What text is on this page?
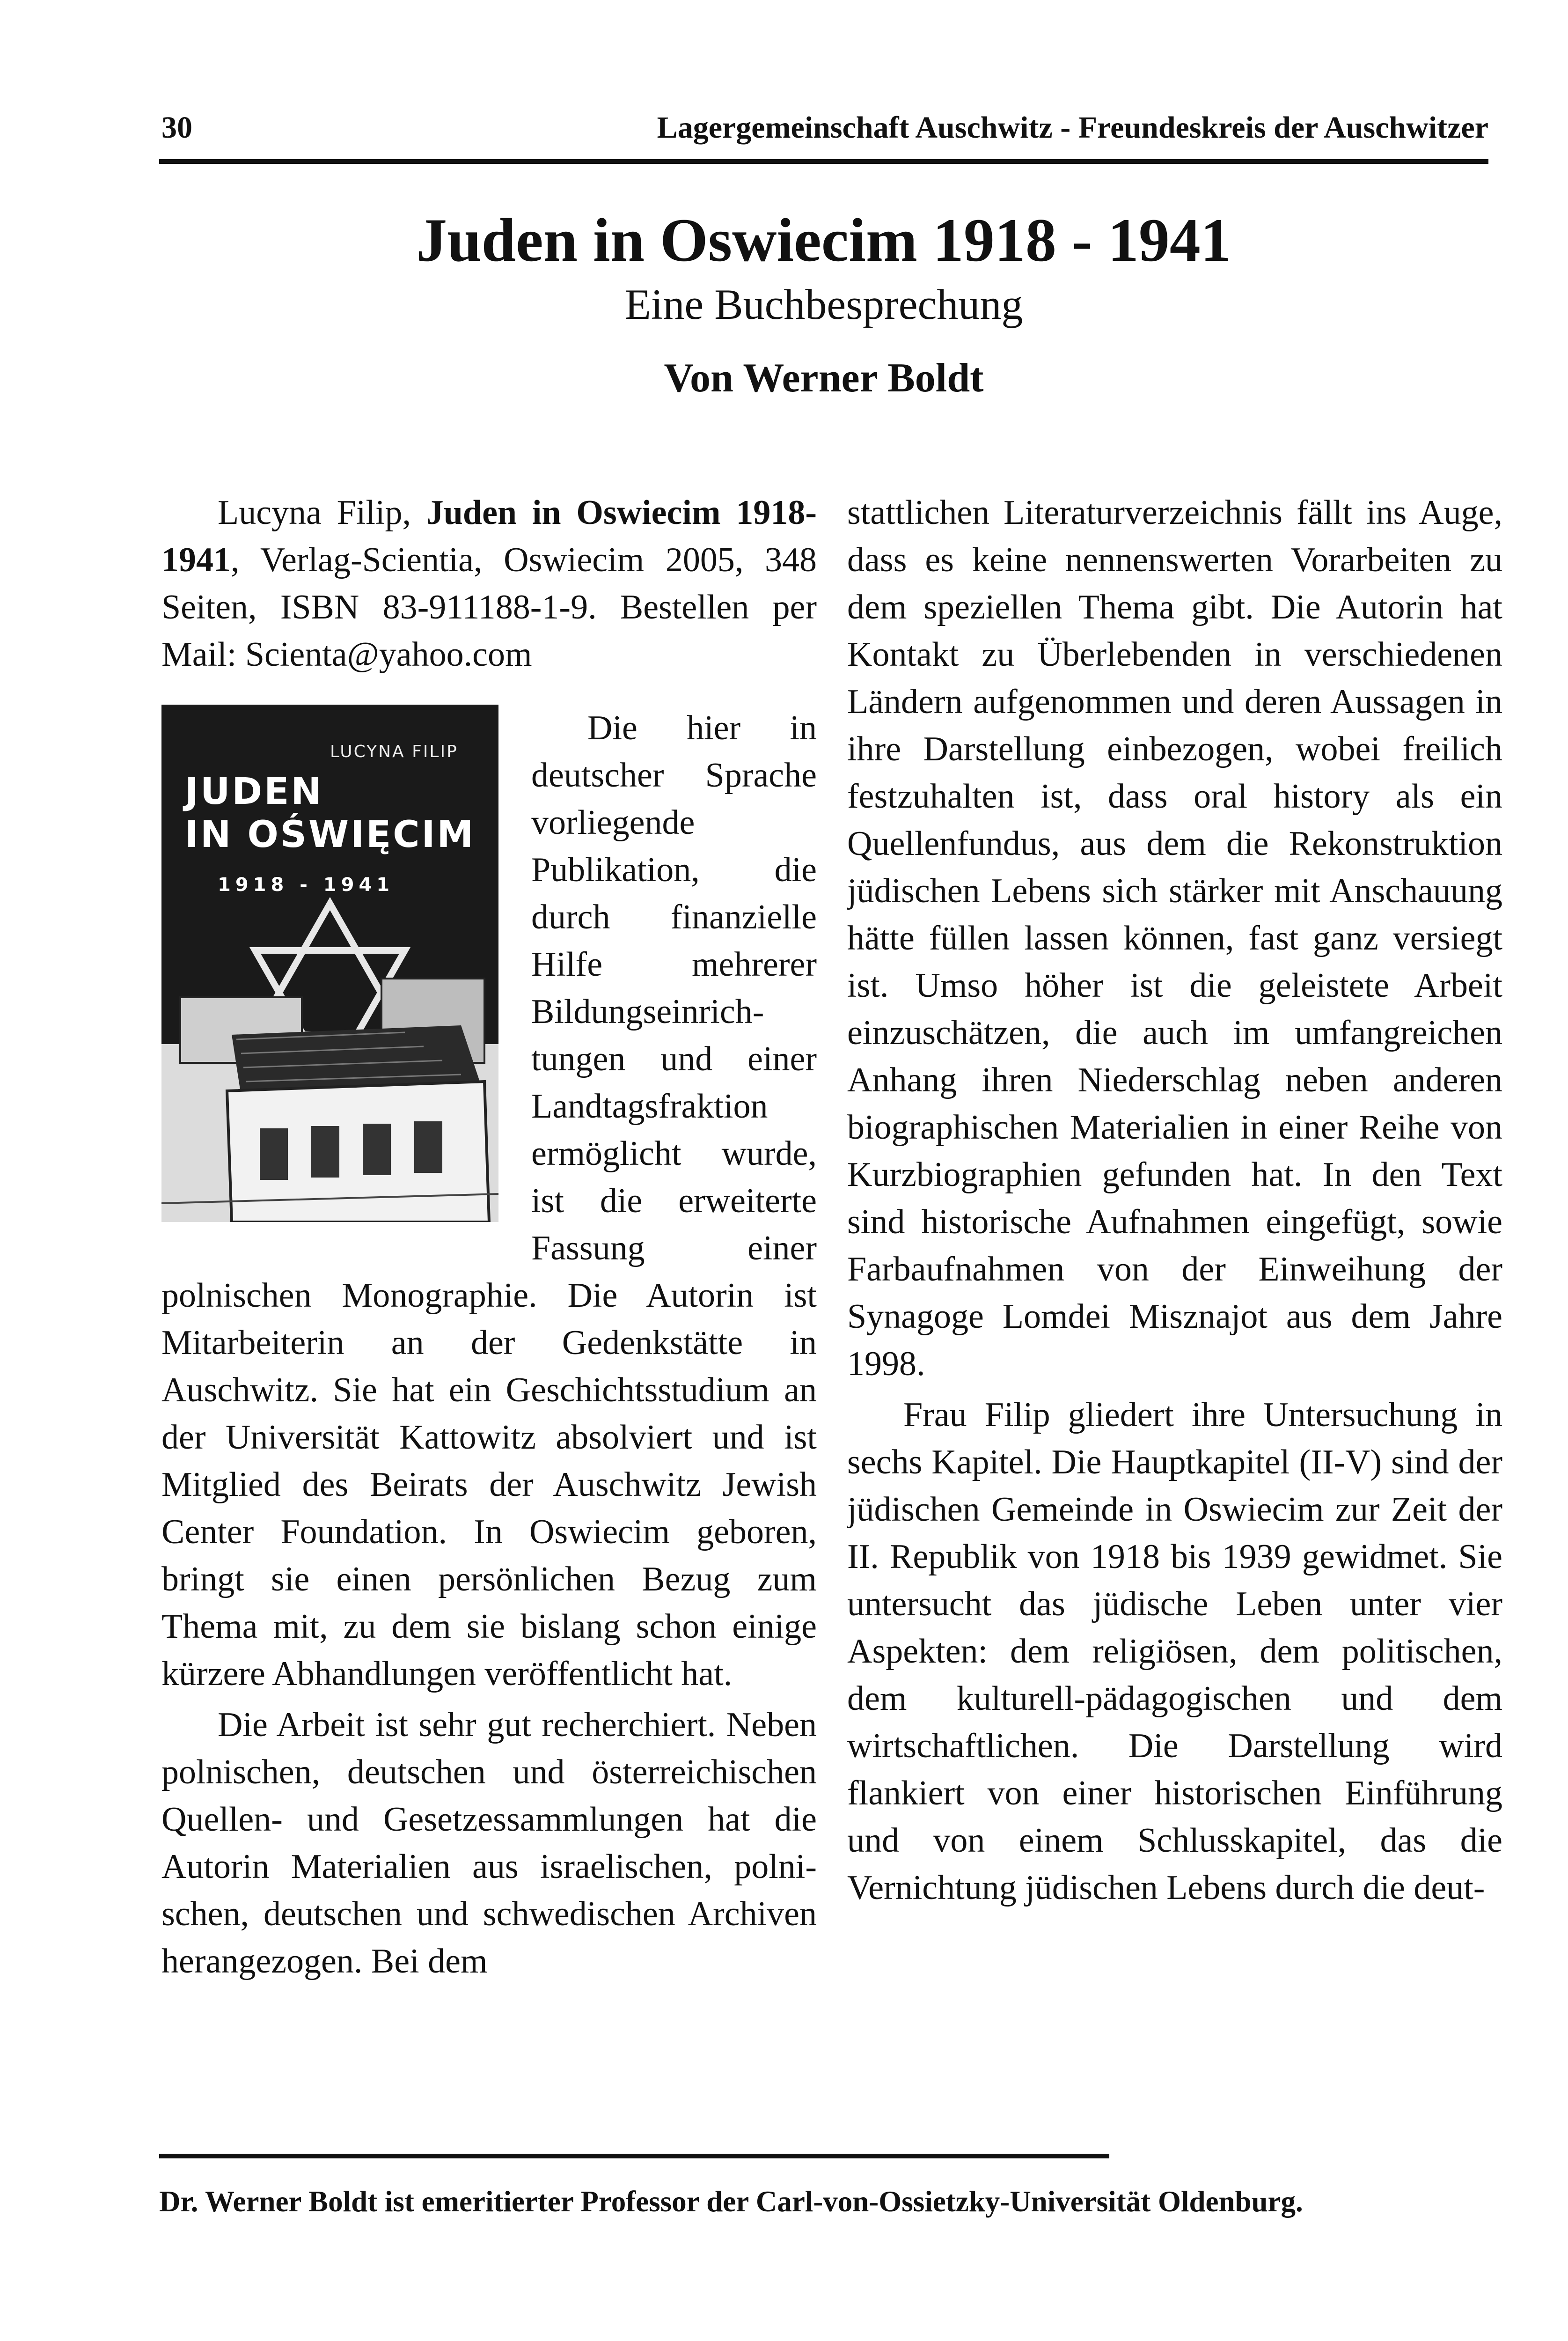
30	Lagergemeinschaft Auschwitz - Freundeskreis der Auschwitzer
Juden in Oswiecim 1918 - 1941
Eine Buchbesprechung
Von Werner Boldt

Lucyna Filip, Juden in Oswiecim 1918-1941, Verlag-Scientia, Oswiecim 2005, 348 Seiten, ISBN 83-911188-1-9. Bestellen per Mail: Scienta@yahoo.com

LUCYNA FILIP
JUDEN
IN OŚWIĘCIM
1918 - 1941

Die hier in deutscher Sprache vorliegende Publikation, die durch finanzielle Hilfe mehrerer Bildungseinrichtungen und einer Landtagsfraktion ermöglicht wurde, ist die erweiterte Fassung einer polnischen Monographie. Die Autorin ist Mitarbeiterin an der Gedenkstätte in Auschwitz. Sie hat ein Geschichtsstudium an der Universität Kattowitz absolviert und ist Mitglied des Beirats der Auschwitz Jewish Center Foundation. In Oswiecim geboren, bringt sie einen persönlichen Bezug zum Thema mit, zu dem sie bislang schon einige kürzere Abhandlungen veröffentlicht hat.

Die Arbeit ist sehr gut recherchiert. Neben polnischen, deutschen und österreichischen Quellen- und Gesetzessammlungen hat die Autorin Materialien aus israelischen, polnischen, deutschen und schwedischen Archiven herangezogen. Bei dem

stattlichen Literaturverzeichnis fällt ins Auge, dass es keine nennenswerten Vorarbeiten zu dem speziellen Thema gibt. Die Autorin hat Kontakt zu Überlebenden in verschiedenen Ländern aufgenommen und deren Aussagen in ihre Darstellung einbezogen, wobei freilich festzuhalten ist, dass oral history als ein Quellenfundus, aus dem die Rekonstruktion jüdischen Lebens sich stärker mit Anschauung hätte füllen lassen können, fast ganz versiegt ist. Umso höher ist die geleistete Arbeit einzuschätzen, die auch im umfangreichen Anhang ihren Niederschlag neben anderen biographischen Materialien in einer Reihe von Kurzbiographien gefunden hat. In den Text sind historische Aufnahmen eingefügt, sowie Farbaufnahmen von der Einweihung der Synagoge Lomdei Misznajot aus dem Jahre 1998.

Frau Filip gliedert ihre Untersuchung in sechs Kapitel. Die Hauptkapitel (II-V) sind der jüdischen Gemeinde in Oswiecim zur Zeit der II. Republik von 1918 bis 1939 gewidmet. Sie untersucht das jüdische Leben unter vier Aspekten: dem religiösen, dem politischen, dem kulturell-pädagogischen und dem wirtschaftlichen. Die Darstellung wird flankiert von einer historischen Einführung und von einem Schlusskapitel, das die Vernichtung jüdischen Lebens durch die deut-

Dr. Werner Boldt ist emeritierter Professor der Carl-von-Ossietzky-Universität Oldenburg.
